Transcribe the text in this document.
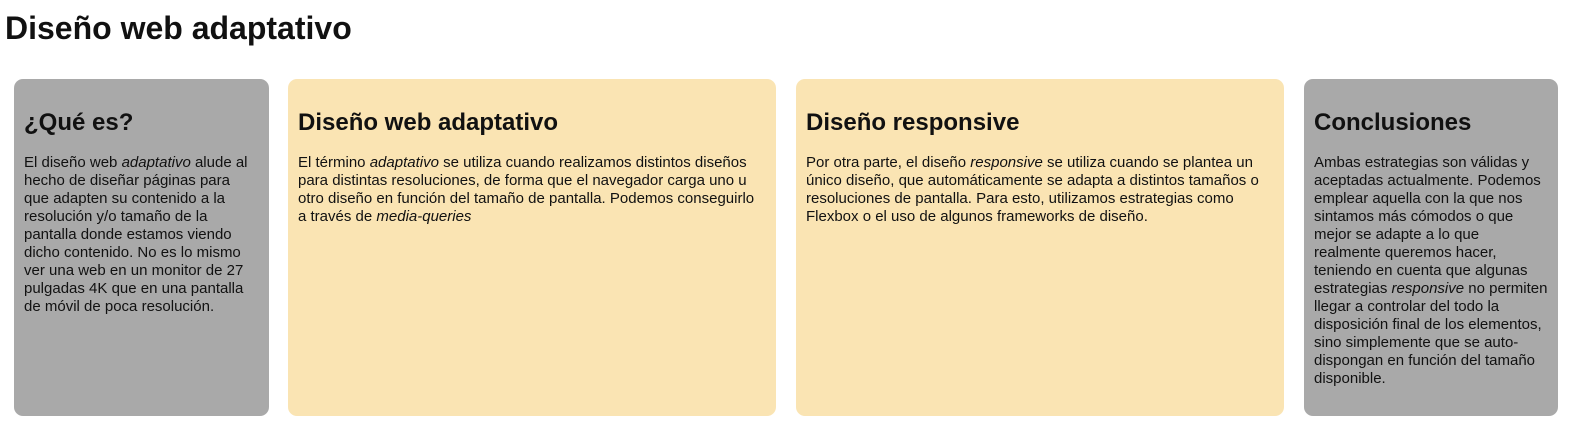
Diseño web adaptativo
¿Qué es?

El diseño web adaptativo alude al hecho de diseñar páginas para que adapten su contenido a la resolución y/o tamaño de la pantalla donde estamos viendo dicho contenido. No es lo mismo ver una web en un monitor de 27 pulgadas 4K que en una pantalla de móvil de poca resolución.

Diseño web adaptativo

El término adaptativo se utiliza cuando realizamos distintos diseños para distintas resoluciones, de forma que el navegador carga uno u otro diseño en función del tamaño de pantalla. Podemos conseguirlo a través de media-queries

Diseño responsive

Por otra parte, el diseño responsive se utiliza cuando se plantea un único diseño, que automáticamente se adapta a distintos tamaños o resoluciones de pantalla. Para esto, utilizamos estrategias como Flexbox o el uso de algunos frameworks de diseño.

Conclusiones

Ambas estrategias son válidas y aceptadas actualmente. Podemos emplear aquella con la que nos sintamos más cómodos o que mejor se adapte a lo que realmente queremos hacer, teniendo en cuenta que algunas estrategias responsive no permiten llegar a controlar del todo la disposición final de los elementos, sino simplemente que se auto-dispongan en función del tamaño disponible.
